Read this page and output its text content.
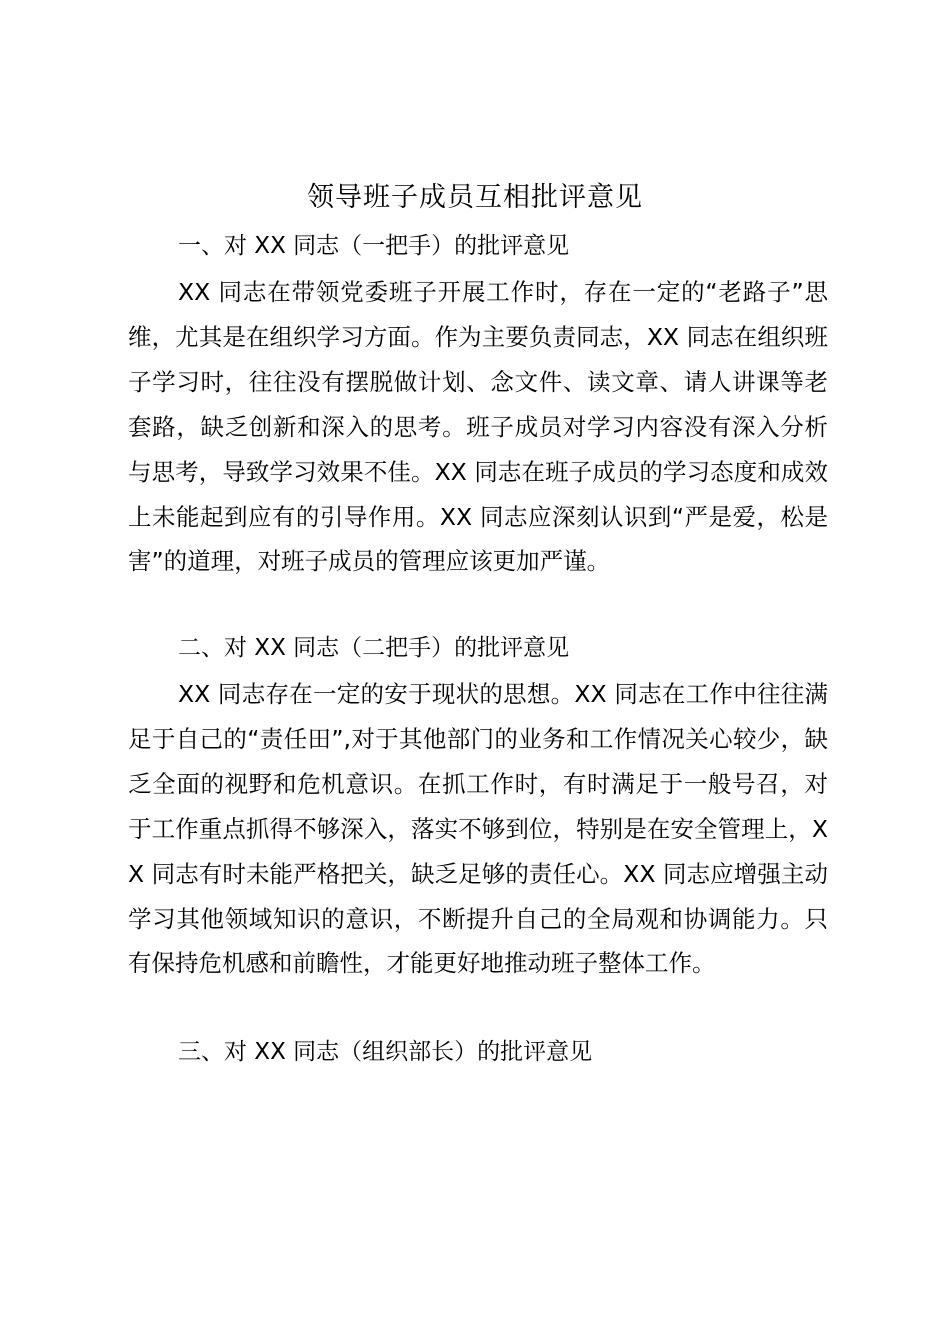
领导班子成员互相批评意见
一、对 XX 同志（一把手）的批评意见

XX 同志在带领党委班子开展工作时，存在一定的“老路子”思维，尤其是在组织学习方面。作为主要负责同志，XX 同志在组织班子学习时，往往没有摆脱做计划、念文件、读文章、请人讲课等老套路，缺乏创新和深入的思考。班子成员对学习内容没有深入分析与思考，导致学习效果不佳。XX 同志在班子成员的学习态度和成效上未能起到应有的引导作用。XX 同志应深刻认识到“严是爱，松是害”的道理，对班子成员的管理应该更加严谨。

二、对 XX 同志（二把手）的批评意见

XX 同志存在一定的安于现状的思想。XX 同志在工作中往往满足于自己的“责任田”,对于其他部门的业务和工作情况关心较少，缺乏全面的视野和危机意识。在抓工作时，有时满足于一般号召，对于工作重点抓得不够深入，落实不够到位，特别是在安全管理上，XX 同志有时未能严格把关，缺乏足够的责任心。XX 同志应增强主动学习其他领域知识的意识，不断提升自己的全局观和协调能力。只有保持危机感和前瞻性，才能更好地推动班子整体工作。

三、对 XX 同志（组织部长）的批评意见
